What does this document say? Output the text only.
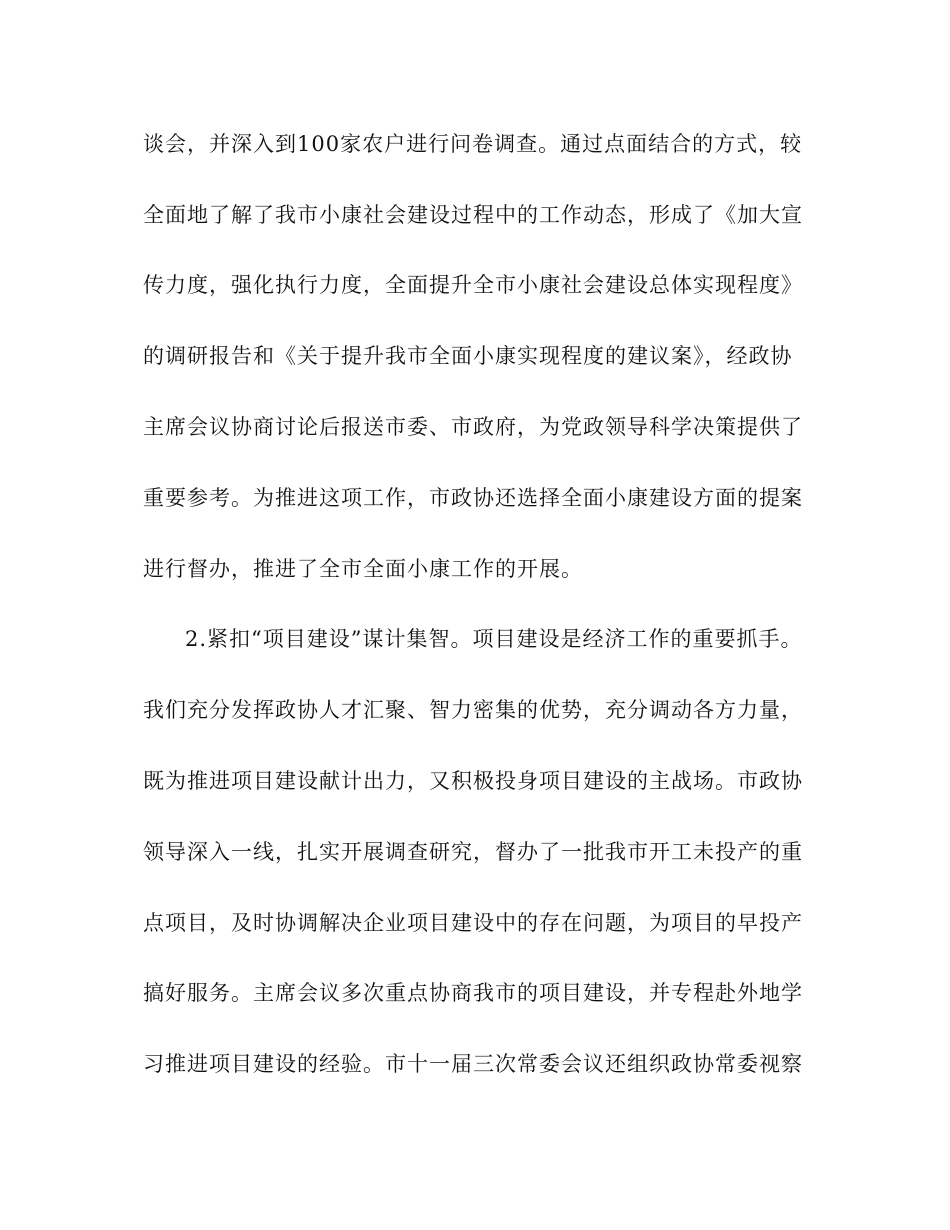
谈会，并深入到100家农户进行问卷调查。通过点面结合的方式，较
全面地了解了我市小康社会建设过程中的工作动态，形成了《加大宣
传力度，强化执行力度，全面提升全市小康社会建设总体实现程度》
的调研报告和《关于提升我市全面小康实现程度的建议案》，经政协
主席会议协商讨论后报送市委、市政府，为党政领导科学决策提供了
重要参考。为推进这项工作，市政协还选择全面小康建设方面的提案
进行督办，推进了全市全面小康工作的开展。
2.紧扣“项目建设”谋计集智。项目建设是经济工作的重要抓手。
我们充分发挥政协人才汇聚、智力密集的优势，充分调动各方力量，
既为推进项目建设献计出力，又积极投身项目建设的主战场。市政协
领导深入一线，扎实开展调查研究，督办了一批我市开工未投产的重
点项目，及时协调解决企业项目建设中的存在问题，为项目的早投产
搞好服务。主席会议多次重点协商我市的项目建设，并专程赴外地学
习推进项目建设的经验。市十一届三次常委会议还组织政协常委视察
